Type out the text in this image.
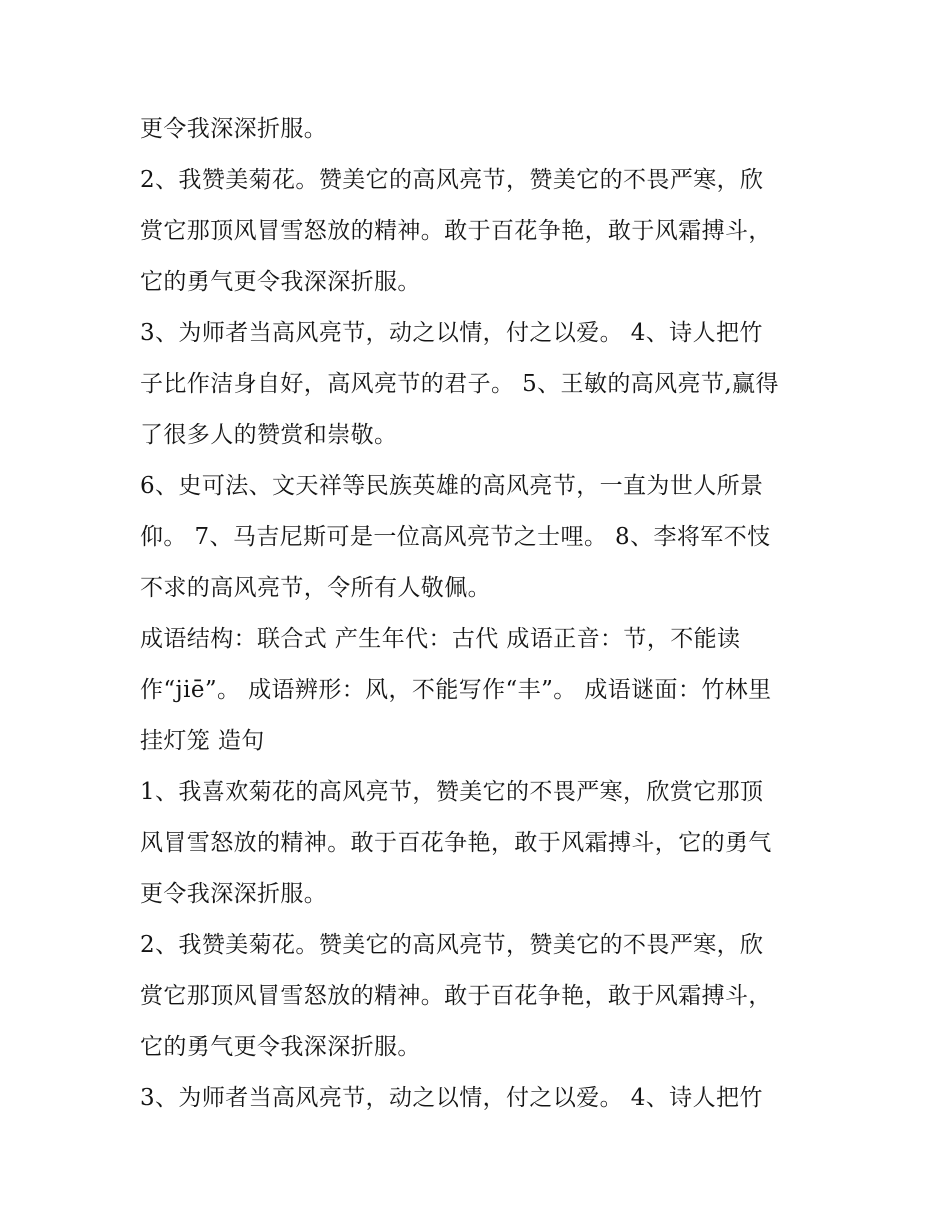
更令我深深折服。

2、我赞美菊花。赞美它的高风亮节，赞美它的不畏严寒，欣

赏它那顶风冒雪怒放的精神。敢于百花争艳，敢于风霜搏斗，

它的勇气更令我深深折服。

3、为师者当高风亮节，动之以情，付之以爱。 4、诗人把竹

子比作洁身自好，高风亮节的君子。 5、王敏的高风亮节,赢得

了很多人的赞赏和崇敬。

6、史可法、文天祥等民族英雄的高风亮节，一直为世人所景

仰。 7、马吉尼斯可是一位高风亮节之士哩。 8、李将军不忮

不求的高风亮节，令所有人敬佩。

成语结构：联合式 产生年代：古代 成语正音：节，不能读

作“jiē”。 成语辨形：风，不能写作“丰”。 成语谜面：竹林里

挂灯笼 造句

1、我喜欢菊花的高风亮节，赞美它的不畏严寒，欣赏它那顶

风冒雪怒放的精神。敢于百花争艳，敢于风霜搏斗，它的勇气

更令我深深折服。

2、我赞美菊花。赞美它的高风亮节，赞美它的不畏严寒，欣

赏它那顶风冒雪怒放的精神。敢于百花争艳，敢于风霜搏斗，

它的勇气更令我深深折服。

3、为师者当高风亮节，动之以情，付之以爱。 4、诗人把竹
